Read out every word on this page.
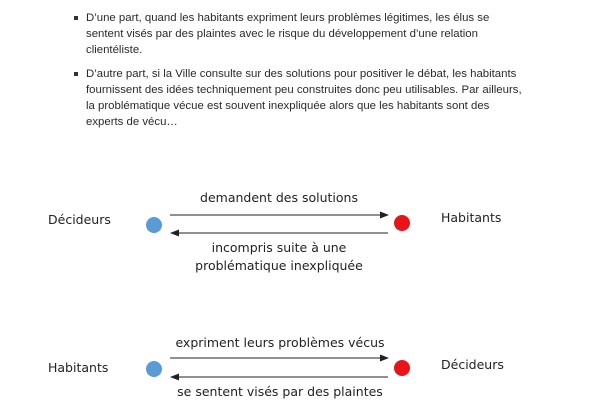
D’une part, quand les habitants expriment leurs problèmes légitimes, les élus se sentent visés par des plaintes avec le risque du développement d’une relation clientéliste.
D’autre part, si la Ville consulte sur des solutions pour positiver le débat, les habitants fournissent des idées techniquement peu construites donc peu utilisables. Par ailleurs, la problématique vécue est souvent inexpliquée alors que les habitants sont des experts de vécu…
Décideurs	Habitants
demandent des solutions
incompris suite à une
problématique inexpliquée
Habitants	Décideurs
expriment leurs problèmes vécus
se sentent visés par des plaintes
